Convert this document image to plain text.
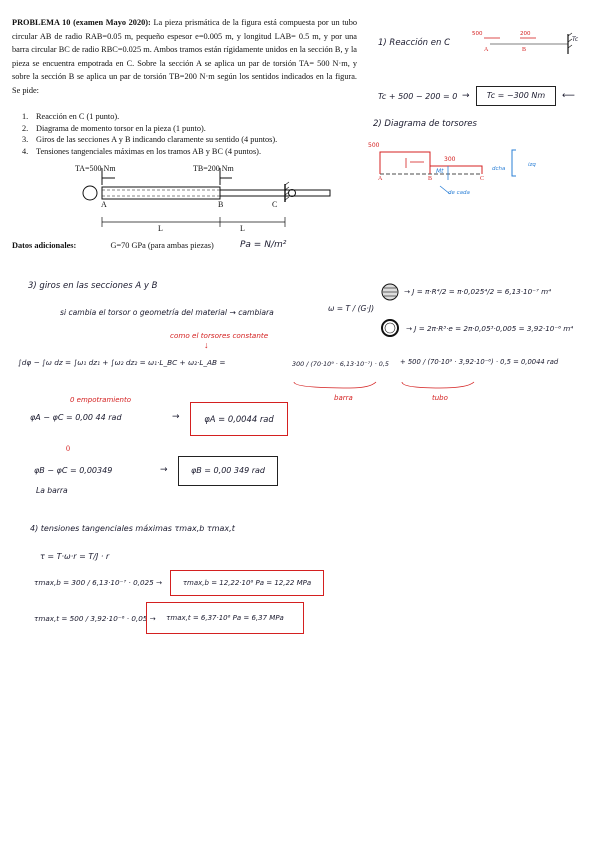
PROBLEMA 10 (examen Mayo 2020): La pieza prismática de la figura está compuesta por un tubo circular AB de radio RAB=0.05 m, pequeño espesor e=0.005 m, y longitud LAB= 0.5 m, y por una barra circular BC de radio RBC=0.025 m. Ambos tramos están rígidamente unidos en la sección B, y la pieza se encuentra empotrada en C. Sobre la sección A se aplica un par de torsión TA= 500 N·m, y sobre la sección B se aplica un par de torsión TB=200 N·m según los sentidos indicados en la figura. Se pide:
1. Reacción en C (1 punto).
2. Diagrama de momento torsor en la pieza (1 punto).
3. Giros de las secciones A y B indicando claramente su sentido (4 puntos).
4. Tensiones tangenciales máximas en los tramos AB y BC (4 puntos).
TA=500 Nm	TB=200 Nm
A	B	C
L	L
Datos adicionales:	G=70 GPa (para ambas piezas)	Pa = N/m²
1) Reacción en C
500	200
Tc
A	B
Tc + 500 − 200 = 0 →	Tc = −300 Nm	⟵
2) Diagrama de torsores
500
300
A	B	C
Mt
de cada
dcha
izq
3) giros en las secciones A y B
→ J = π·R⁴/2 = π·0,025⁴/2 = 6,13·10⁻⁷ m⁴
→ J = 2π·R³·e = 2π·0,05³·0,005 = 3,92·10⁻⁶ m⁴
si cambia el torsor o geometría del material → cambiara	ω = T / (G·J)
como el torsores constante
↓
∫dφ − ∫ω dz = ∫ω₁ dz₁ + ∫ω₂ dz₂ = ω₁·L_BC + ω₂·L_AB =	300 / (70·10⁹ · 6,13·10⁻⁷) · 0,5 + 500 / (70·10⁹ · 3,92·10⁻⁶) · 0,5 = 0,0044 rad
barra	tubo
0 empotramiento
φA − φC = 0,00 44 rad	→	φA = 0,0044 rad
0
φB − φC = 0,00349	→	φB = 0,00 349 rad
La barra
4) tensiones tangenciales máximas τmax,b τmax,t
τ = T·ω·r = T/J · r
τmax,b = 300 / 6,13·10⁻⁷ · 0,025 →	τmax,b = 12,22·10⁶ Pa = 12,22 MPa
τmax,t = 500 / 3,92·10⁻⁶ · 0,05 →	τmax,t = 6,37·10⁶ Pa = 6,37 MPa
